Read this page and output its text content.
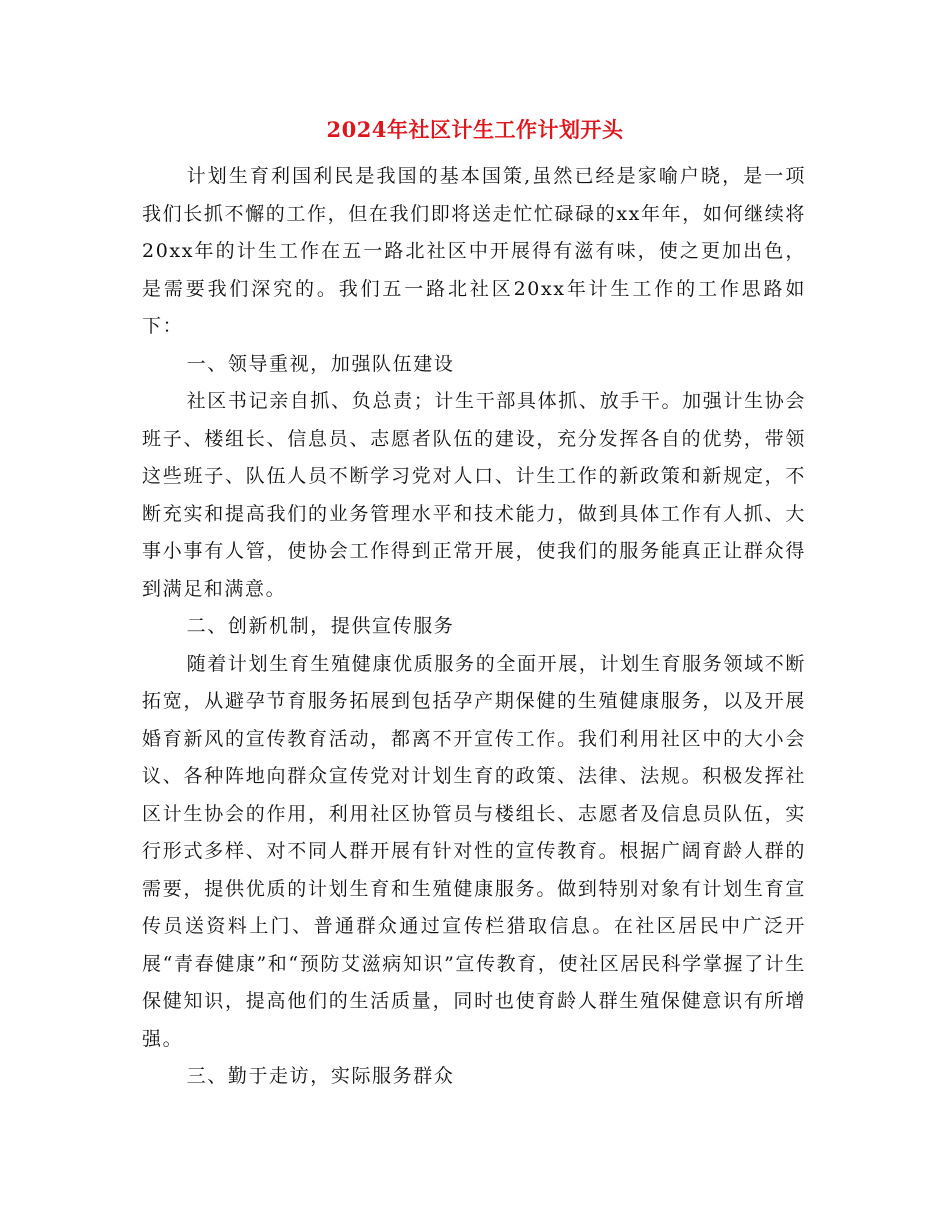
2024年社区计生工作计划开头

计划生育利国利民是我国的基本国策,虽然已经是家喻户晓，是一项我们长抓不懈的工作，但在我们即将送走忙忙碌碌的xx年年，如何继续将20xx年的计生工作在五一路北社区中开展得有滋有味，使之更加出色，是需要我们深究的。我们五一路北社区20xx年计生工作的工作思路如下：

一、领导重视，加强队伍建设

社区书记亲自抓、负总责；计生干部具体抓、放手干。加强计生协会班子、楼组长、信息员、志愿者队伍的建设，充分发挥各自的优势，带领这些班子、队伍人员不断学习党对人口、计生工作的新政策和新规定，不断充实和提高我们的业务管理水平和技术能力，做到具体工作有人抓、大事小事有人管，使协会工作得到正常开展，使我们的服务能真正让群众得到满足和满意。

二、创新机制，提供宣传服务

随着计划生育生殖健康优质服务的全面开展，计划生育服务领域不断拓宽，从避孕节育服务拓展到包括孕产期保健的生殖健康服务，以及开展婚育新风的宣传教育活动，都离不开宣传工作。我们利用社区中的大小会议、各种阵地向群众宣传党对计划生育的政策、法律、法规。积极发挥社区计生协会的作用，利用社区协管员与楼组长、志愿者及信息员队伍，实行形式多样、对不同人群开展有针对性的宣传教育。根据广阔育龄人群的需要，提供优质的计划生育和生殖健康服务。做到特别对象有计划生育宣传员送资料上门、普通群众通过宣传栏猎取信息。在社区居民中广泛开展“青春健康”和“预防艾滋病知识”宣传教育，使社区居民科学掌握了计生保健知识，提高他们的生活质量，同时也使育龄人群生殖保健意识有所增强。

三、勤于走访，实际服务群众
